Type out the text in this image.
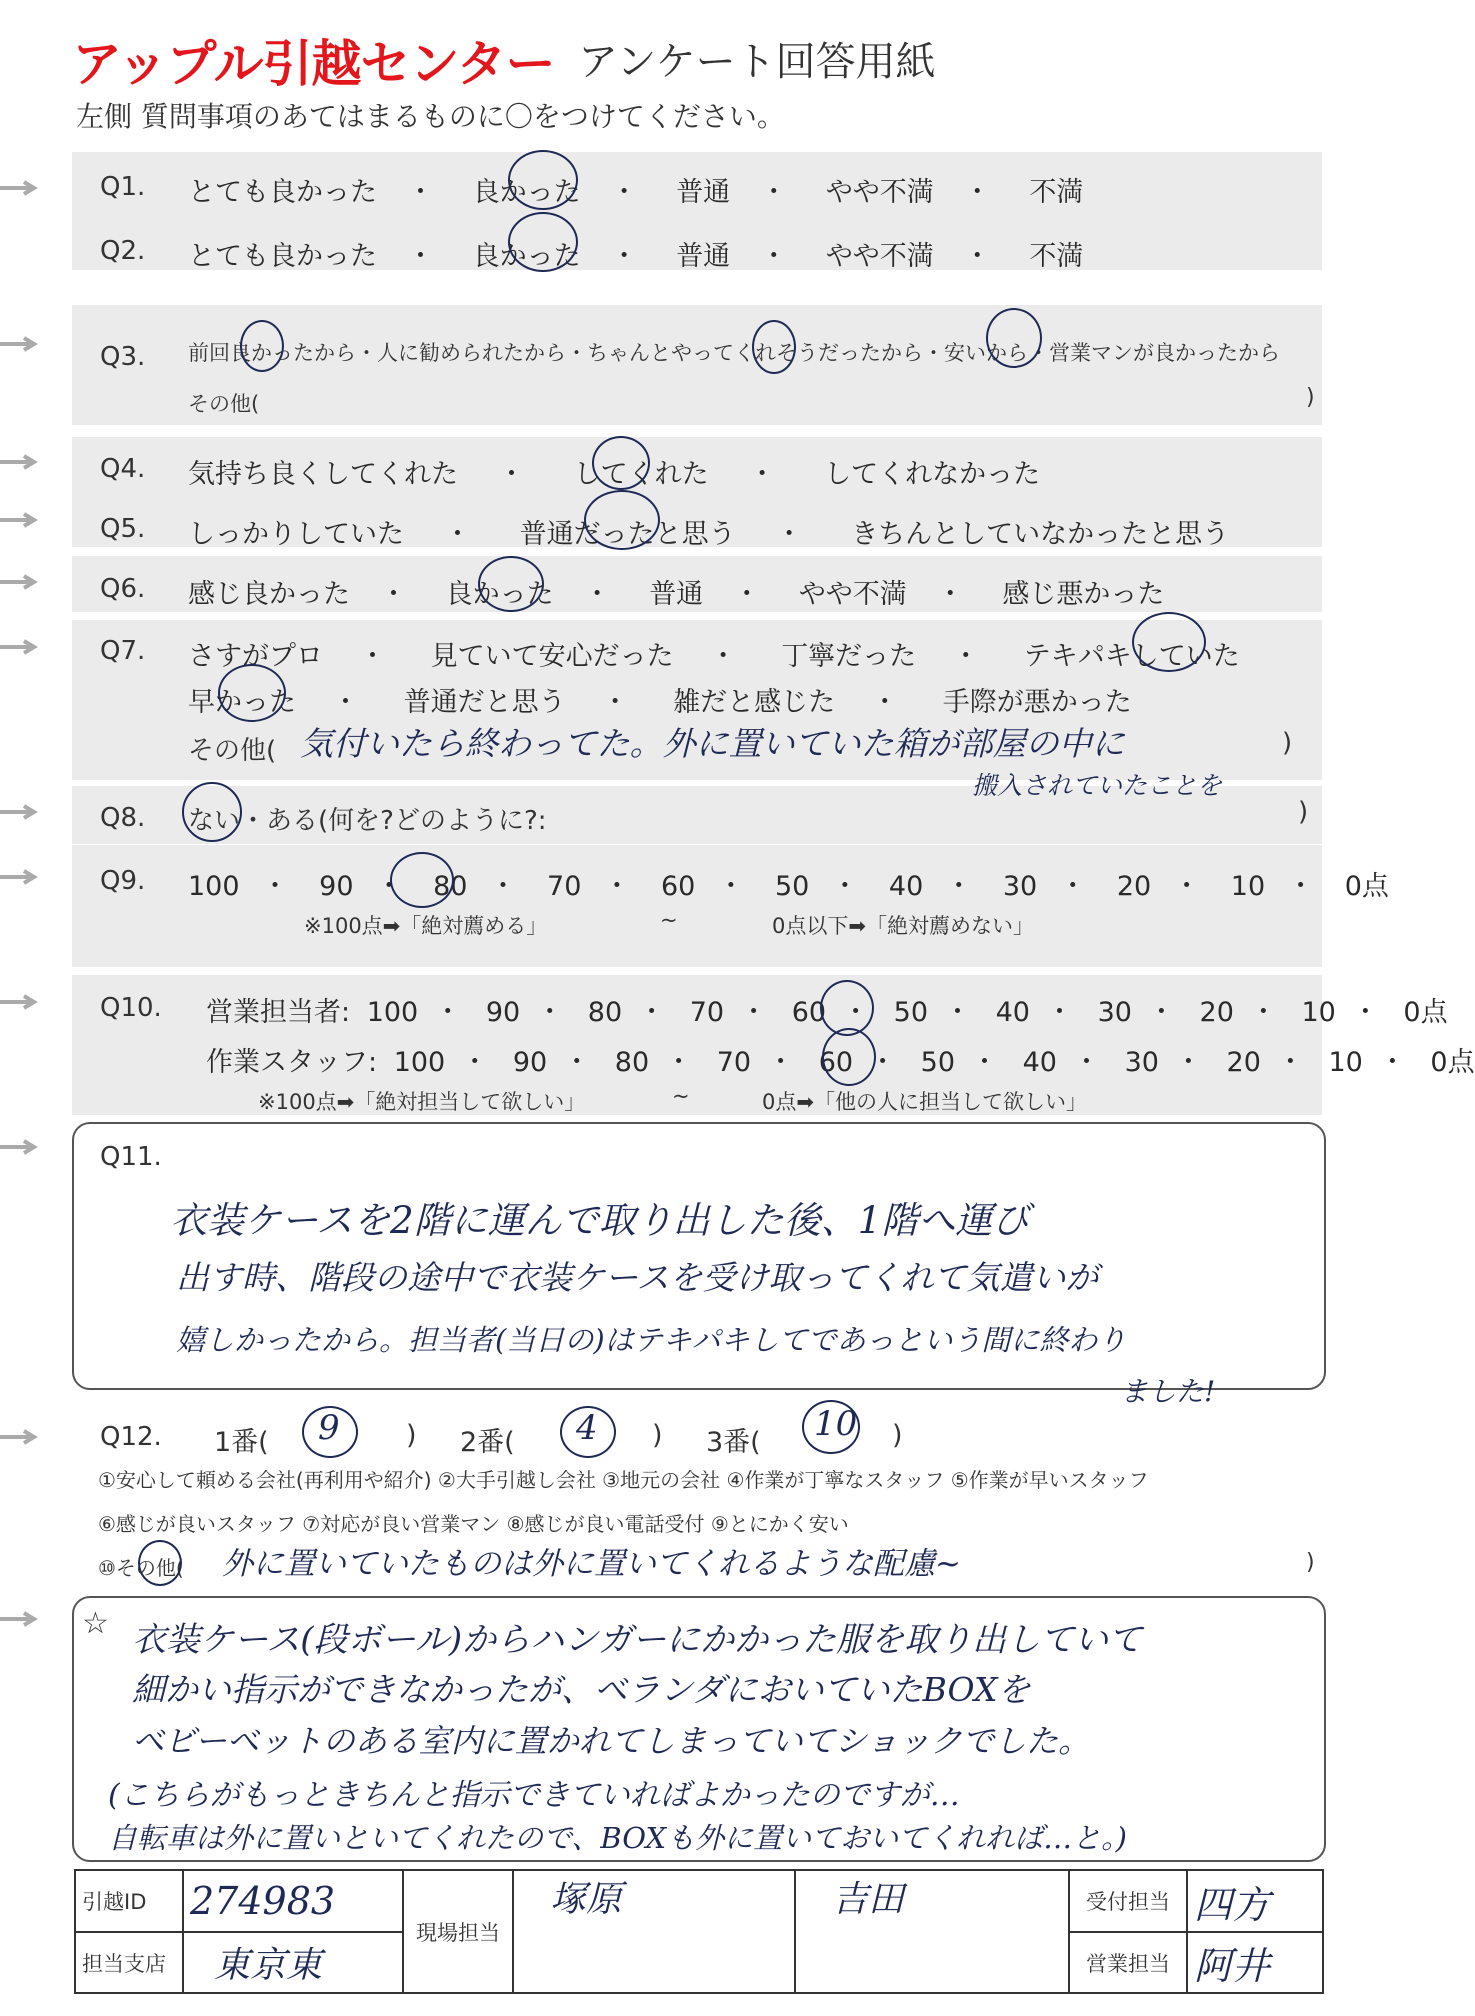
アップル引越センター アンケート回答用紙
左側 質問事項のあてはまるものに〇をつけてください。
Q1. とても良かった ・ 良かった ・ 普通 ・ やや不満 ・ 不満
Q2. とても良かった ・ 良かった ・ 普通 ・ やや不満 ・ 不満
Q3. 前回良かったから・人に勧められたから・ちゃんとやってくれそうだったから・安いから・営業マンが良かったから
その他(	)
Q4. 気持ち良くしてくれた ・ してくれた ・ してくれなかった
Q5. しっかりしていた ・ 普通だったと思う ・ きちんとしていなかったと思う
Q6. 感じ良かった ・ 良かった ・ 普通 ・ やや不満 ・ 感じ悪かった
Q7. さすがプロ ・ 見ていて安心だった ・ 丁寧だった ・ テキパキしていた
早かった ・ 普通だと思う ・ 雑だと感じた ・ 手際が悪かった
その他( 気付いたら終わってた。外に置いていた箱が部屋の中に	)
搬入されていたことを
Q8. ない・ある(何を?どのように?:	)
Q9. 100 ・ 90 ・ 80 ・ 70 ・ 60 ・ 50 ・ 40 ・ 30 ・ 20 ・ 10 ・ 0点
※100点➡「絶対薦める」	~	0点以下➡「絶対薦めない」
Q10. 営業担当者: 100 ・ 90 ・ 80 ・ 70 ・ 60 ・ 50 ・ 40 ・ 30 ・ 20 ・ 10 ・ 0点
作業スタッフ: 100 ・ 90 ・ 80 ・ 70 ・ 60 ・ 50 ・ 40 ・ 30 ・ 20 ・ 10 ・ 0点
※100点➡「絶対担当して欲しい」	~	0点➡「他の人に担当して欲しい」
Q11.
衣装ケースを2階に運んで取り出した後、1階へ運び
出す時、階段の途中で衣装ケースを受け取ってくれて気遣いが
嬉しかったから。担当者(当日の)はテキパキしてであっという間に終わり
ました!
Q12. 1番( 9 ) 2番( 4 ) 3番( 10 )
①安心して頼める会社(再利用や紹介) ②大手引越し会社 ③地元の会社 ④作業が丁寧なスタッフ ⑤作業が早いスタッフ
⑥感じが良いスタッフ ⑦対応が良い営業マン ⑧感じが良い電話受付 ⑨とにかく安い
⑩その他( 外に置いていたものは外に置いてくれるような配慮~	)
☆ 衣装ケース(段ボール)からハンガーにかかった服を取り出していて
細かい指示ができなかったが、ベランダにおいていたBOXを
ベビーベットのある室内に置かれてしまっていてショックでした。
(こちらがもっときちんと指示できていればよかったのですが…
自転車は外に置いといてくれたので、BOXも外に置いておいてくれれば…と。)
引越ID	274983	現場担当	塚原	吉田	受付担当	四方
担当支店	東京東				営業担当	阿井
